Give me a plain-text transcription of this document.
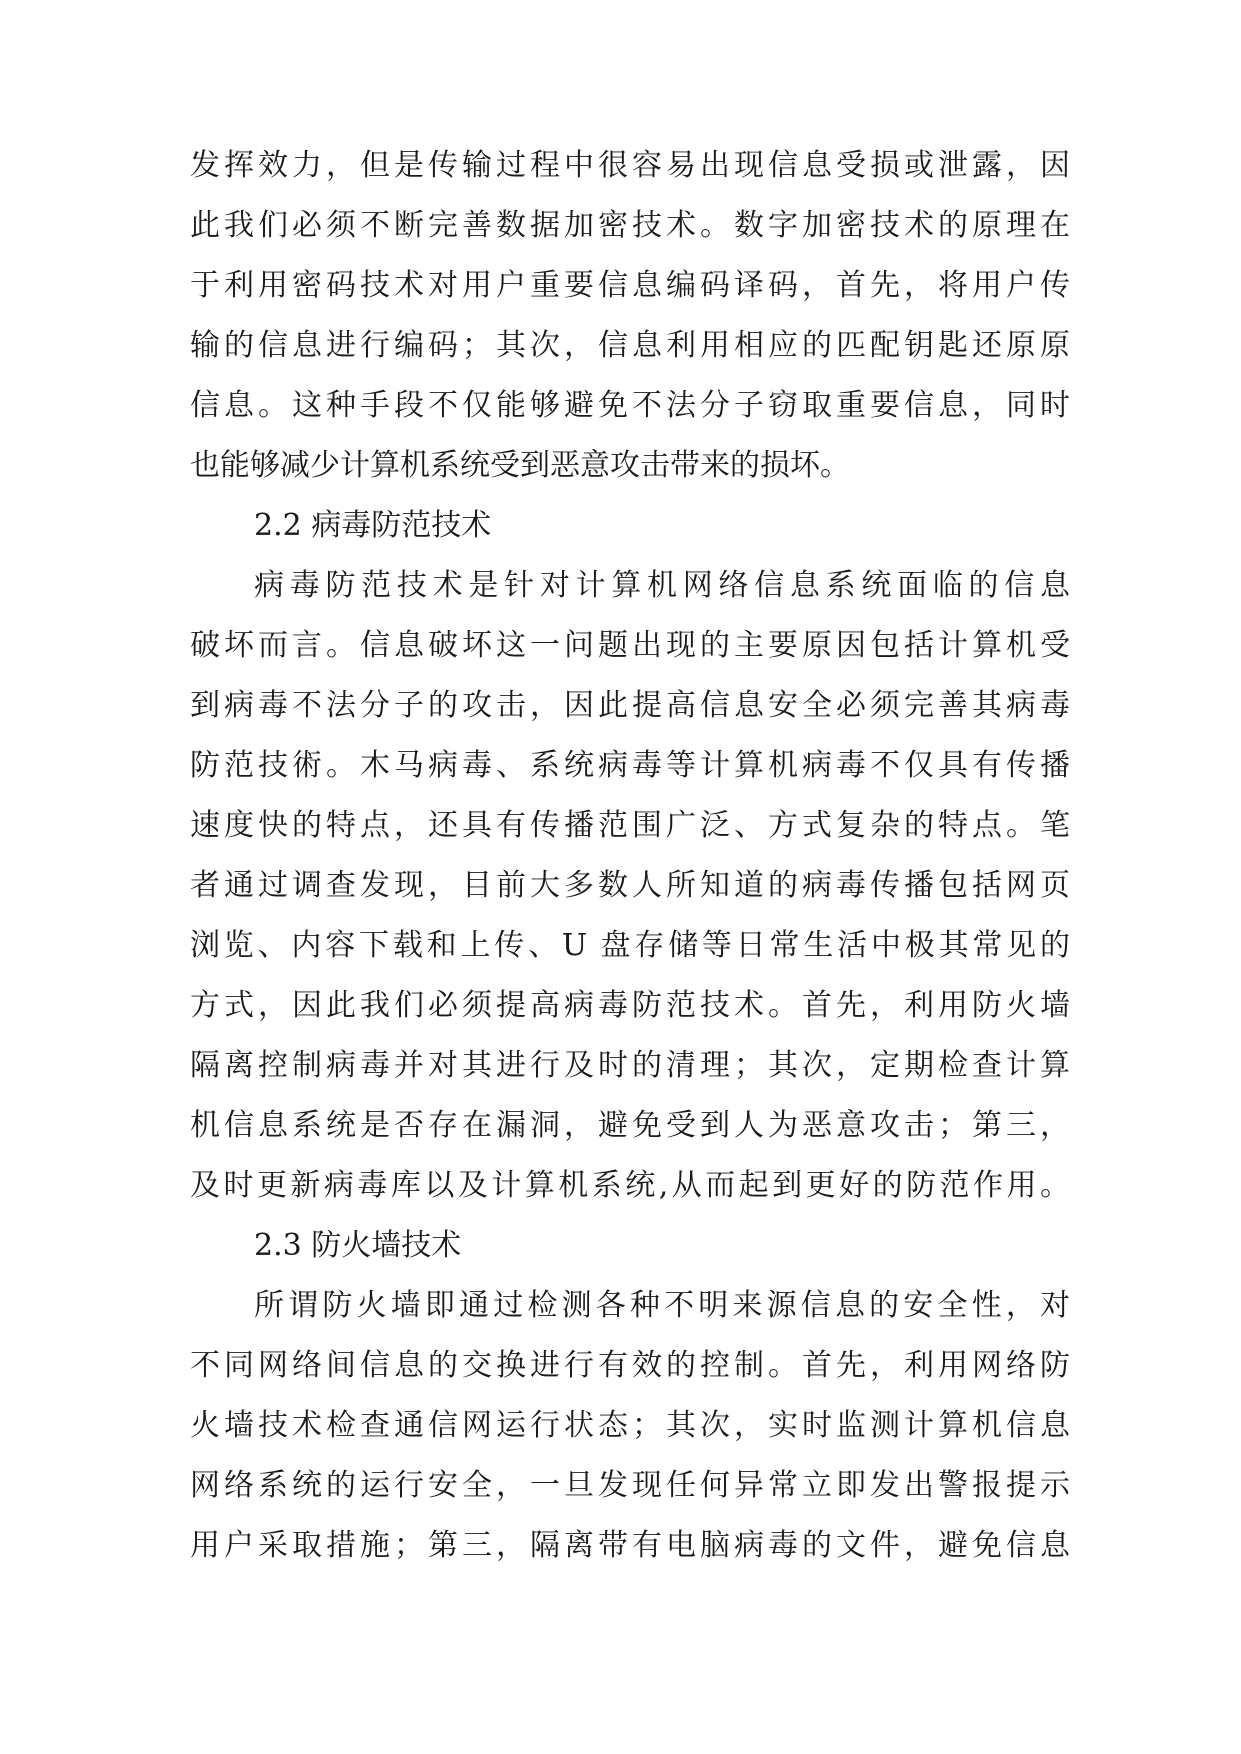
发挥效力，但是传输过程中很容易出现信息受损或泄露，因
此我们必须不断完善数据加密技术。数字加密技术的原理在
于利用密码技术对用户重要信息编码译码，首先，将用户传
输的信息进行编码；其次，信息利用相应的匹配钥匙还原原
信息。这种手段不仅能够避免不法分子窃取重要信息，同时
也能够减少计算机系统受到恶意攻击带来的损坏。
2.2 病毒防范技术
病毒防范技术是针对计算机网络信息系统面临的信息
破坏而言。信息破坏这一问题出现的主要原因包括计算机受
到病毒不法分子的攻击，因此提高信息安全必须完善其病毒
防范技術。木马病毒、系统病毒等计算机病毒不仅具有传播
速度快的特点，还具有传播范围广泛、方式复杂的特点。笔
者通过调查发现，目前大多数人所知道的病毒传播包括网页
浏览、内容下载和上传、U 盘存储等日常生活中极其常见的
方式，因此我们必须提高病毒防范技术。首先，利用防火墙
隔离控制病毒并对其进行及时的清理；其次，定期检查计算
机信息系统是否存在漏洞，避免受到人为恶意攻击；第三，
及时更新病毒库以及计算机系统,从而起到更好的防范作用。
2.3 防火墙技术
所谓防火墙即通过检测各种不明来源信息的安全性，对
不同网络间信息的交换进行有效的控制。首先，利用网络防
火墙技术检查通信网运行状态；其次，实时监测计算机信息
网络系统的运行安全，一旦发现任何异常立即发出警报提示
用户采取措施；第三，隔离带有电脑病毒的文件，避免信息
